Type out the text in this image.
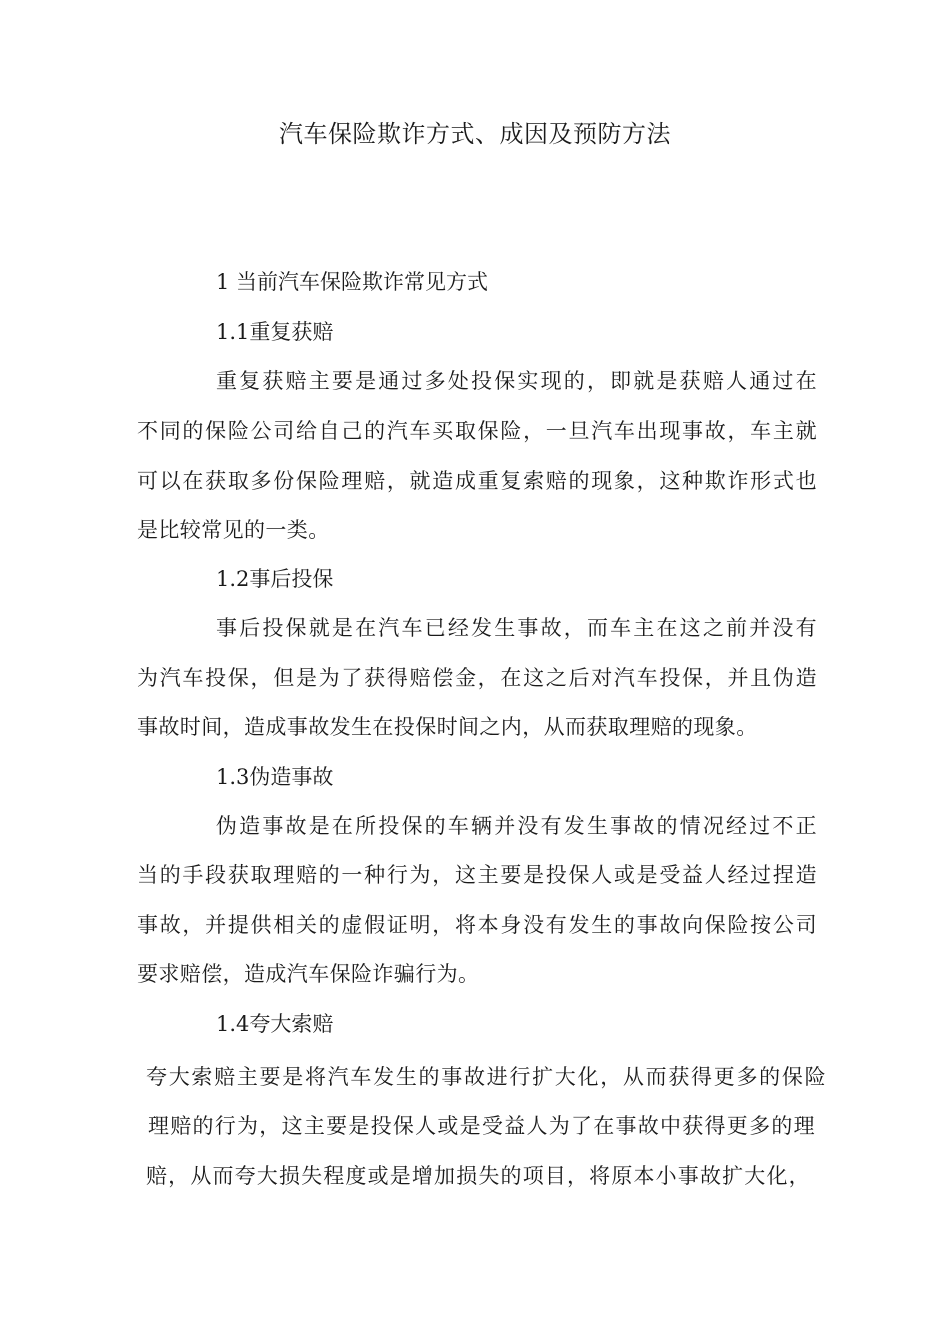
汽车保险欺诈方式、成因及预防方法
1 当前汽车保险欺诈常见方式
1.1重复获赔
重复获赔主要是通过多处投保实现的，即就是获赔人通过在
不同的保险公司给自己的汽车买取保险，一旦汽车出现事故，车主就
可以在获取多份保险理赔，就造成重复索赔的现象，这种欺诈形式也
是比较常见的一类。
1.2事后投保
事后投保就是在汽车已经发生事故，而车主在这之前并没有
为汽车投保，但是为了获得赔偿金，在这之后对汽车投保，并且伪造
事故时间，造成事故发生在投保时间之内，从而获取理赔的现象。
1.3伪造事故
伪造事故是在所投保的车辆并没有发生事故的情况经过不正
当的手段获取理赔的一种行为，这主要是投保人或是受益人经过捏造
事故，并提供相关的虚假证明，将本身没有发生的事故向保险按公司
要求赔偿，造成汽车保险诈骗行为。
1.4夸大索赔
夸大索赔主要是将汽车发生的事故进行扩大化，从而获得更多的保险
理赔的行为，这主要是投保人或是受益人为了在事故中获得更多的理
赔，从而夸大损失程度或是增加损失的项目，将原本小事故扩大化，
